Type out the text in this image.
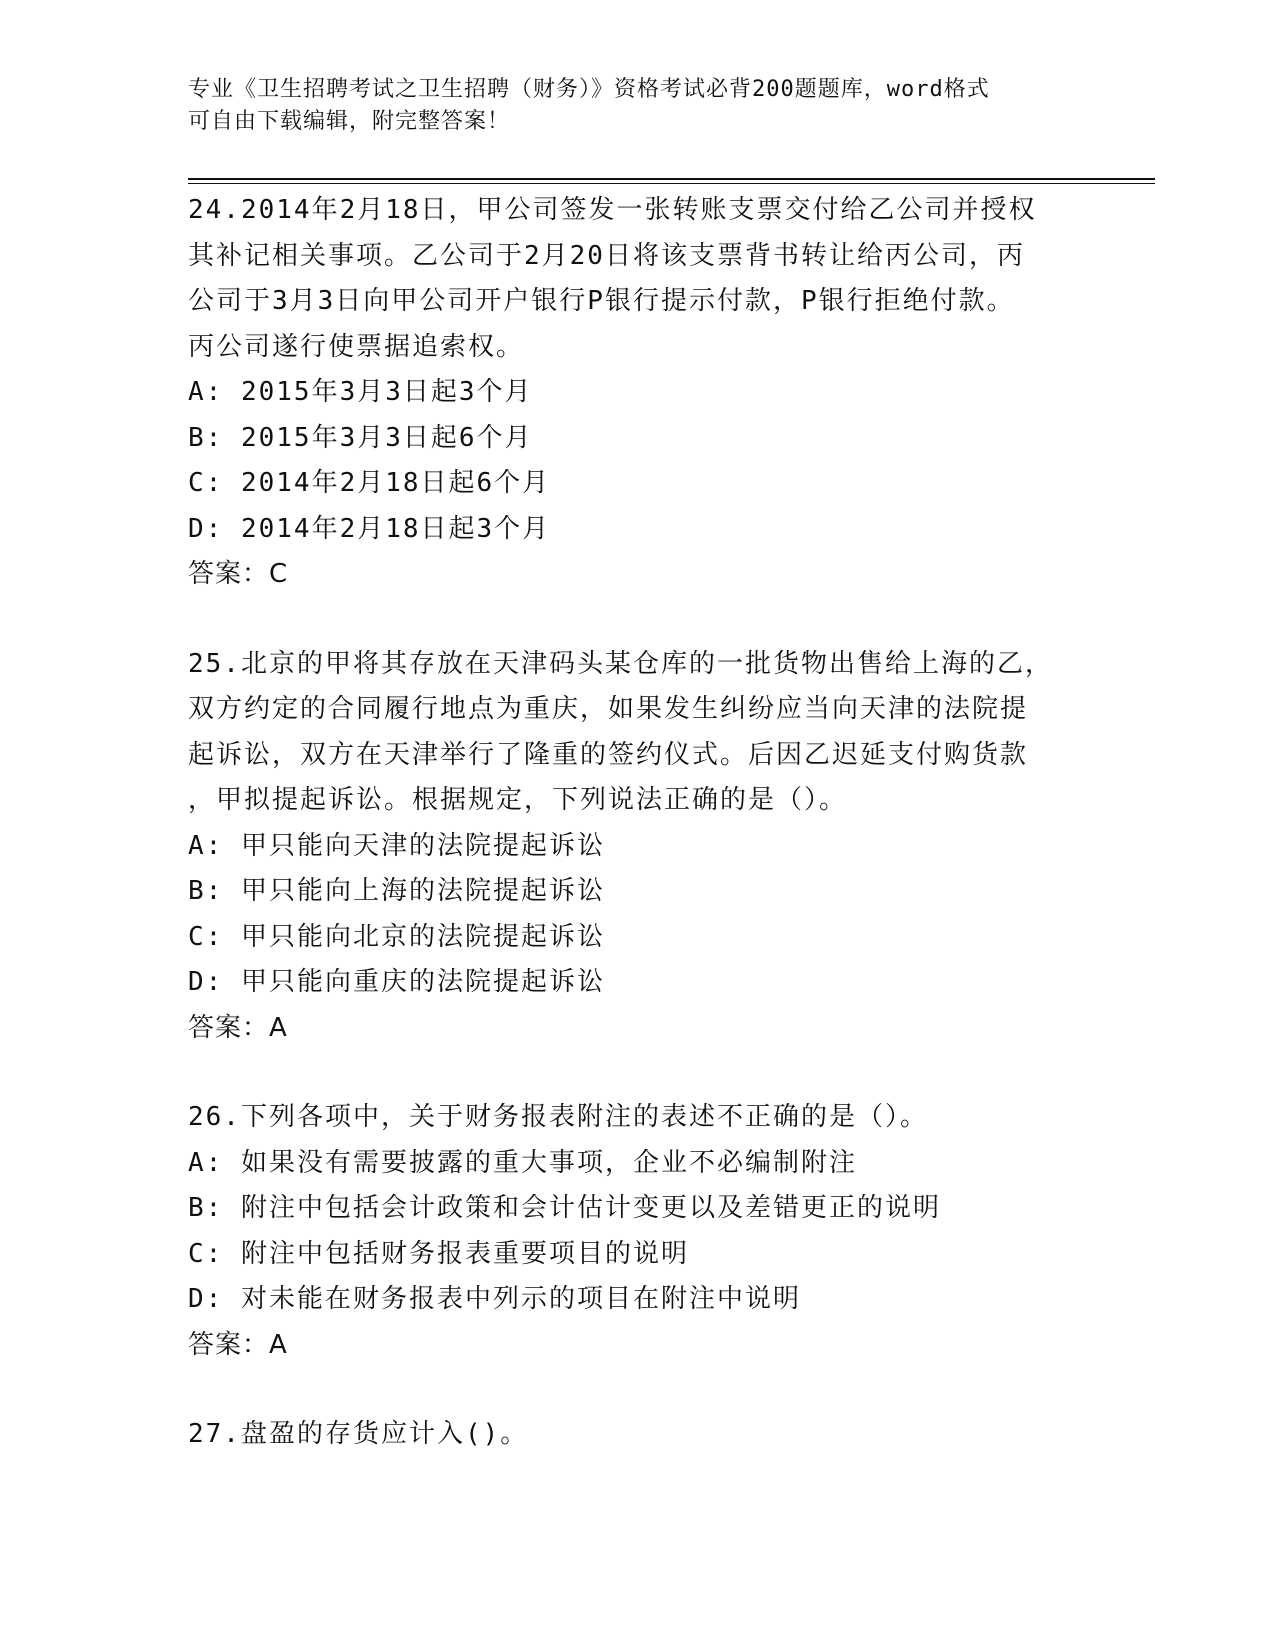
专业《卫生招聘考试之卫生招聘（财务）》资格考试必背200题题库，word格式
可自由下载编辑，附完整答案！
24.2014年2月18日，甲公司签发一张转账支票交付给乙公司并授权
其补记相关事项。乙公司于2月20日将该支票背书转让给丙公司，丙
公司于3月3日向甲公司开户银行P银行提示付款，P银行拒绝付款。
丙公司遂行使票据追索权。
A: 2015年3月3日起3个月
B: 2015年3月3日起6个月
C: 2014年2月18日起6个月
D: 2014年2月18日起3个月
答案：C
25.北京的甲将其存放在天津码头某仓库的一批货物出售给上海的乙，
双方约定的合同履行地点为重庆，如果发生纠纷应当向天津的法院提
起诉讼，双方在天津举行了隆重的签约仪式。后因乙迟延支付购货款
，甲拟提起诉讼。根据规定，下列说法正确的是（）。
A: 甲只能向天津的法院提起诉讼
B: 甲只能向上海的法院提起诉讼
C: 甲只能向北京的法院提起诉讼
D: 甲只能向重庆的法院提起诉讼
答案：A
26.下列各项中，关于财务报表附注的表述不正确的是（）。
A: 如果没有需要披露的重大事项，企业不必编制附注
B: 附注中包括会计政策和会计估计变更以及差错更正的说明
C: 附注中包括财务报表重要项目的说明
D: 对未能在财务报表中列示的项目在附注中说明
答案：A
27.盘盈的存货应计入()。
